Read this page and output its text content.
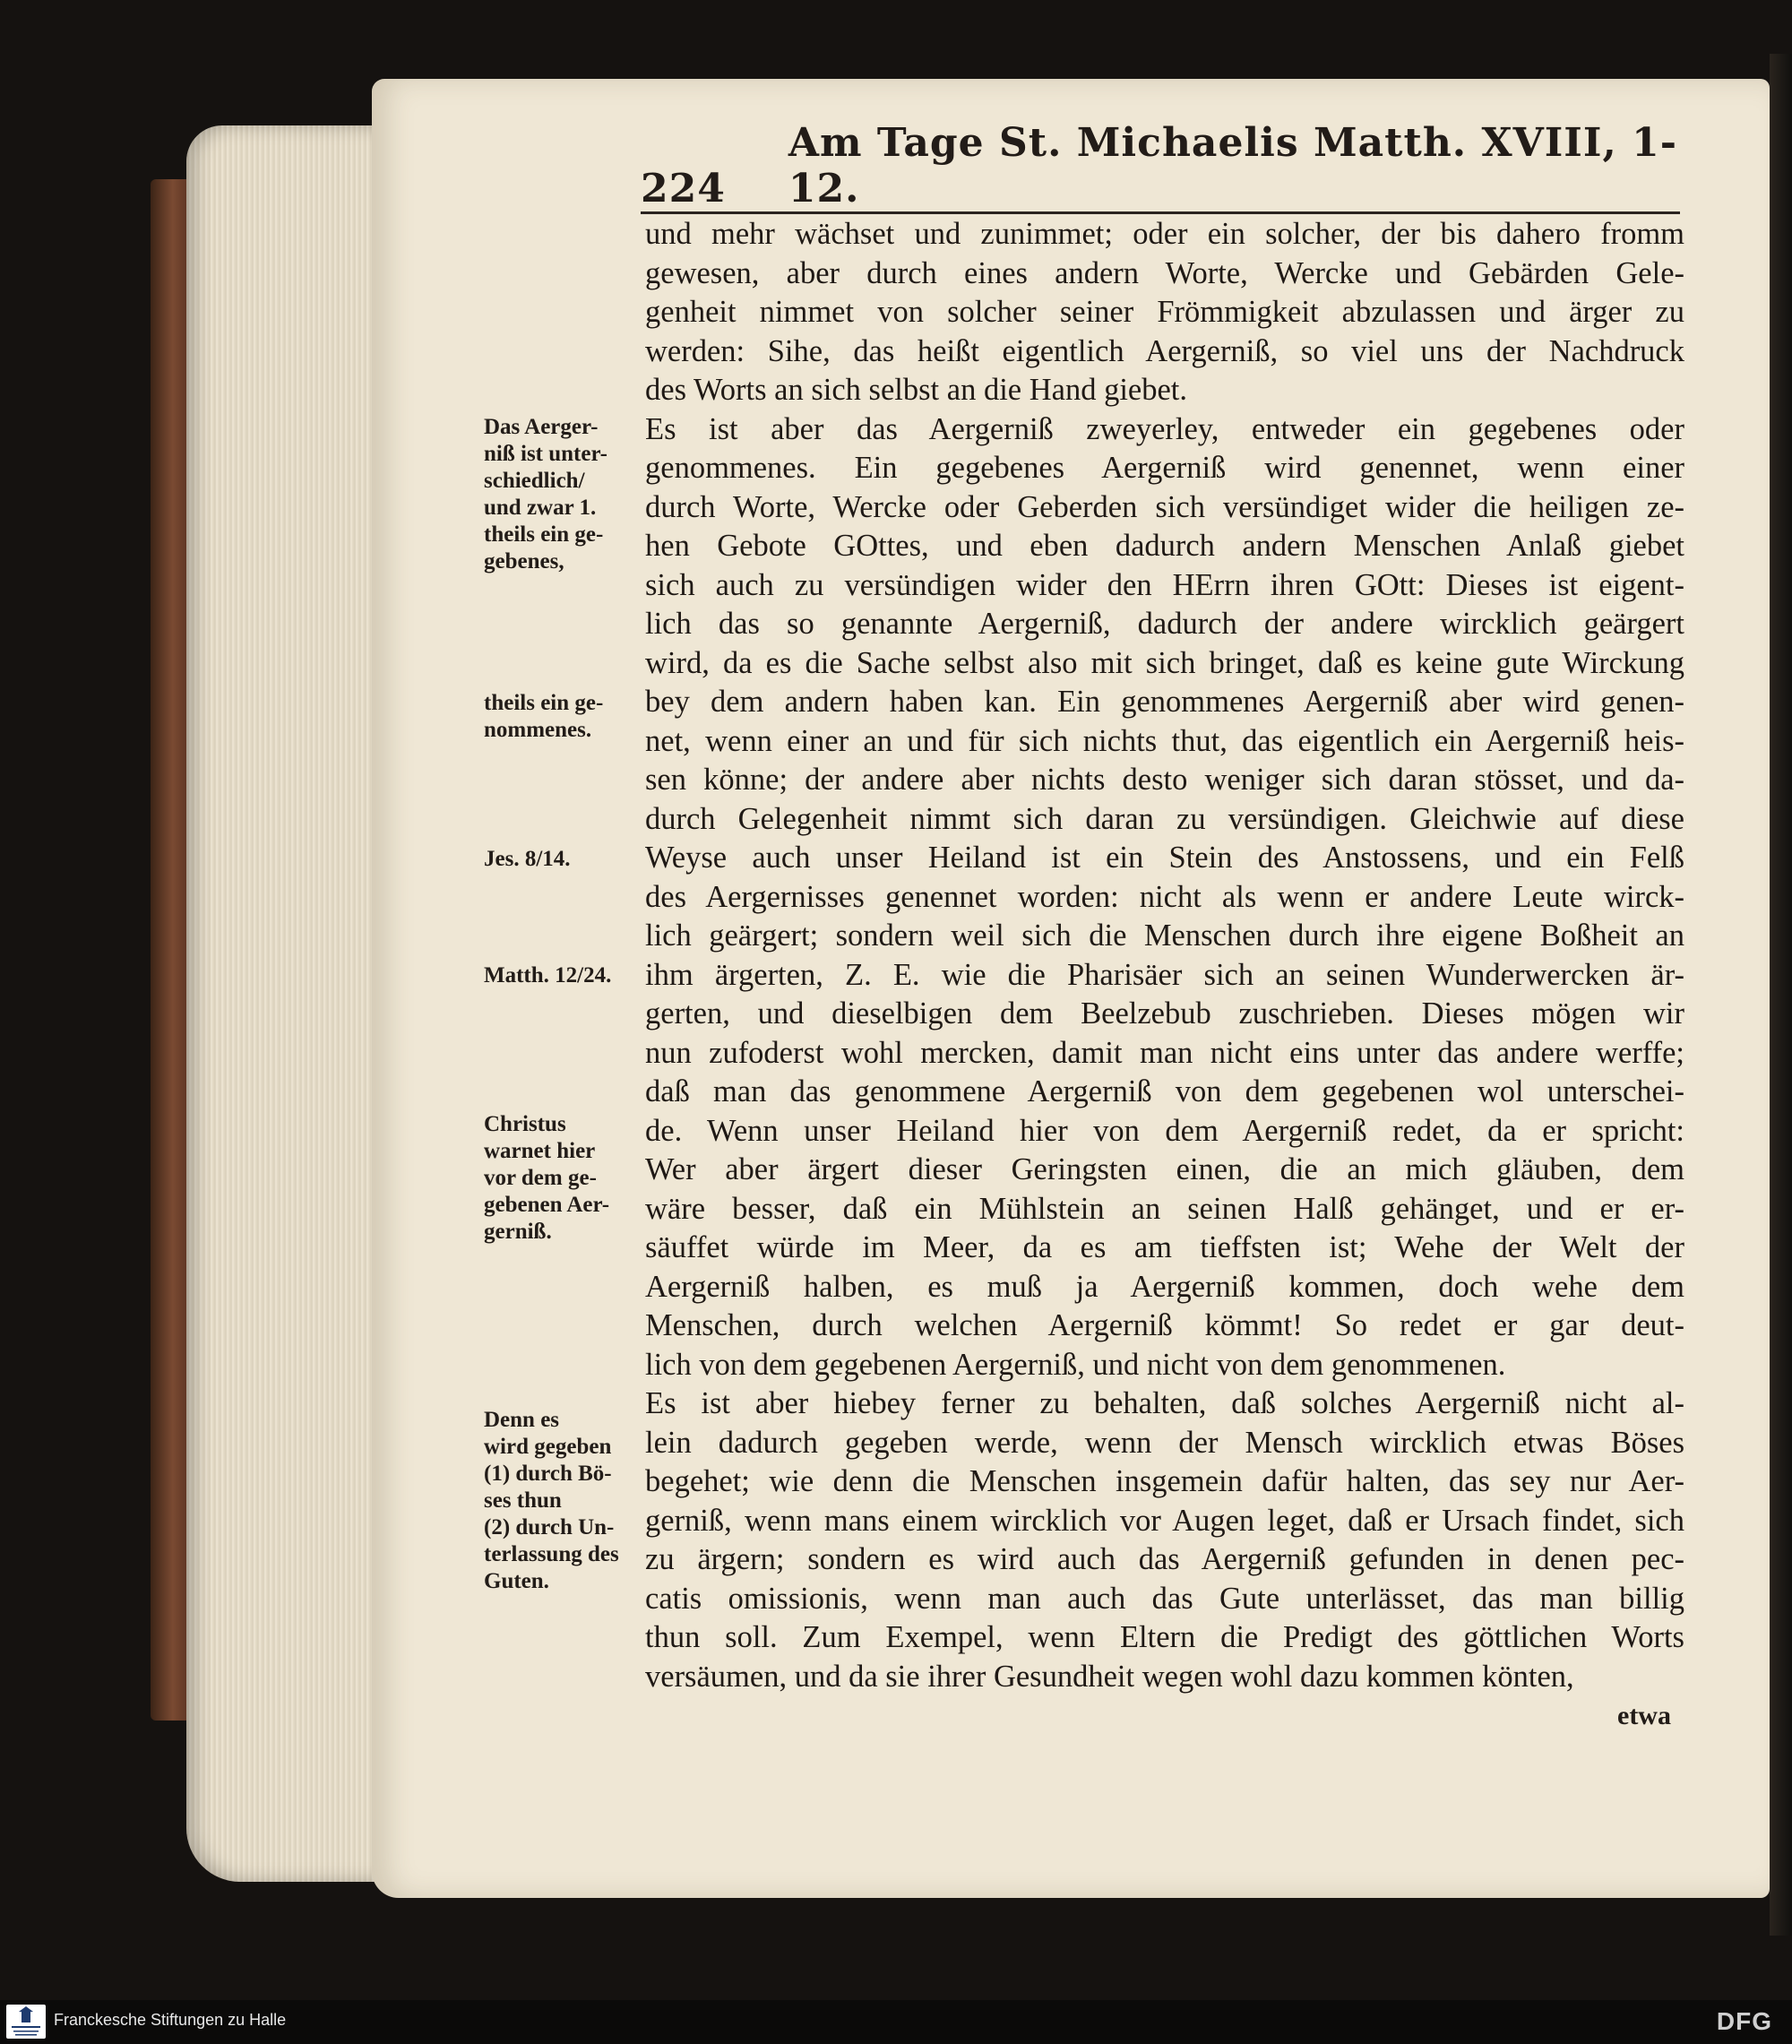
224
Am Tage St. Michaelis Matth. XVIII, 1-12.
und mehr wächset und zunimmet; oder ein solcher, der bis dahero fromm
gewesen, aber durch eines andern Worte, Wercke und Gebärden Gele-
genheit nimmet von solcher seiner Frömmigkeit abzulassen und ärger zu
werden: Sihe, das heißt eigentlich Aergerniß, so viel uns der Nachdruck
des Worts an sich selbst an die Hand giebet.
Es ist aber das Aergerniß zweyerley, entweder ein gegebenes oder
genommenes. Ein gegebenes Aergerniß wird genennet, wenn einer
durch Worte, Wercke oder Geberden sich versündiget wider die heiligen ze-
hen Gebote GOttes, und eben dadurch andern Menschen Anlaß giebet
sich auch zu versündigen wider den HErrn ihren GOtt: Dieses ist eigent-
lich das so genannte Aergerniß, dadurch der andere wircklich geärgert
wird, da es die Sache selbst also mit sich bringet, daß es keine gute Wirckung
bey dem andern haben kan. Ein genommenes Aergerniß aber wird genen-
net, wenn einer an und für sich nichts thut, das eigentlich ein Aergerniß heis-
sen könne; der andere aber nichts desto weniger sich daran stösset, und da-
durch Gelegenheit nimmt sich daran zu versündigen. Gleichwie auf diese
Weyse auch unser Heiland ist ein Stein des Anstossens, und ein Felß
des Aergernisses genennet worden: nicht als wenn er andere Leute wirck-
lich geärgert; sondern weil sich die Menschen durch ihre eigene Boßheit an
ihm ärgerten, Z. E. wie die Pharisäer sich an seinen Wunderwercken är-
gerten, und dieselbigen dem Beelzebub zuschrieben. Dieses mögen wir
nun zufoderst wohl mercken, damit man nicht eins unter das andere werffe;
daß man das genommene Aergerniß von dem gegebenen wol unterschei-
de. Wenn unser Heiland hier von dem Aergerniß redet, da er spricht:
Wer aber ärgert dieser Geringsten einen, die an mich gläuben, dem
wäre besser, daß ein Mühlstein an seinen Halß gehänget, und er er-
säuffet würde im Meer, da es am tieffsten ist; Wehe der Welt der
Aergerniß halben, es muß ja Aergerniß kommen, doch wehe dem
Menschen, durch welchen Aergerniß kömmt! So redet er gar deut-
lich von dem gegebenen Aergerniß, und nicht von dem genommenen.
Es ist aber hiebey ferner zu behalten, daß solches Aergerniß nicht al-
lein dadurch gegeben werde, wenn der Mensch wircklich etwas Böses
begehet; wie denn die Menschen insgemein dafür halten, das sey nur Aer-
gerniß, wenn mans einem wircklich vor Augen leget, daß er Ursach findet, sich
zu ärgern; sondern es wird auch das Aergerniß gefunden in denen pec-
catis omissionis, wenn man auch das Gute unterlässet, das man billig
thun soll. Zum Exempel, wenn Eltern die Predigt des göttlichen Worts
versäumen, und da sie ihrer Gesundheit wegen wohl dazu kommen könten,
Das Aerger-
niß ist unter-
schiedlich/
und zwar 1.
theils ein ge-
gebenes,
theils ein ge-
nommenes.
Jes. 8/14.
Matth. 12/24.
Christus
warnet hier
vor dem ge-
gebenen Aer-
gerniß.
Denn es
wird gegeben
(1) durch Bö-
ses thun
(2) durch Un-
terlassung des
Guten.
etwa
Franckesche Stiftungen zu Halle	DFG
